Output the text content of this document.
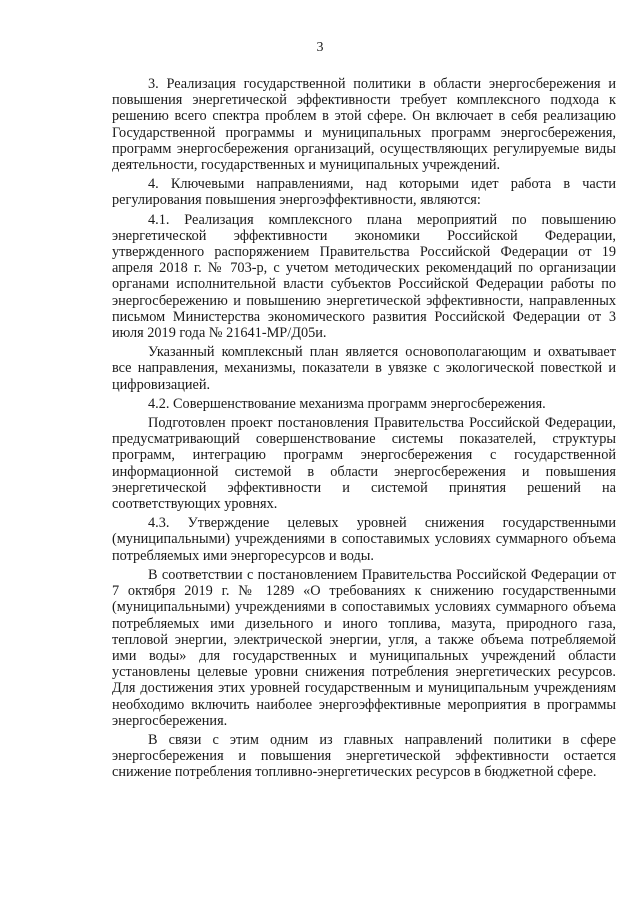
3

3. Реализация государственной политики в области энергосбережения и повышения энергетической эффективности требует комплексного подхода к решению всего спектра проблем в этой сфере. Он включает в себя реализацию Государственной программы и муниципальных программ энергосбережения, программ энергосбережения организаций, осуществляющих регулируемые виды деятельности, государственных и муниципальных учреждений.

4. Ключевыми направлениями, над которыми идет работа в части регулирования повышения энергоэффективности, являются:

4.1. Реализация комплексного плана мероприятий по повышению энергетической эффективности экономики Российской Федерации, утвержденного распоряжением Правительства Российской Федерации от 19 апреля 2018 г. № 703-р, с учетом методических рекомендаций по организации органами исполнительной власти субъектов Российской Федерации работы по энергосбережению и повышению энергетической эффективности, направленных письмом Министерства экономического развития Российской Федерации от 3 июля 2019 года № 21641-МР/Д05и.

Указанный комплексный план является основополагающим и охватывает все направления, механизмы, показатели в увязке с экологической повесткой и цифровизацией.

4.2. Совершенствование механизма программ энергосбережения.

Подготовлен проект постановления Правительства Российской Федерации, предусматривающий совершенствование системы показателей, структуры программ, интеграцию программ энергосбережения с государственной информационной системой в области энергосбережения и повышения энергетической эффективности и системой принятия решений на соответствующих уровнях.

4.3. Утверждение целевых уровней снижения государственными (муниципальными) учреждениями в сопоставимых условиях суммарного объема потребляемых ими энергоресурсов и воды.

В соответствии с постановлением Правительства Российской Федерации от 7 октября 2019 г. № 1289 «О требованиях к снижению государственными (муниципальными) учреждениями в сопоставимых условиях суммарного объема потребляемых ими дизельного и иного топлива, мазута, природного газа, тепловой энергии, электрической энергии, угля, а также объема потребляемой ими воды» для государственных и муниципальных учреждений области установлены целевые уровни снижения потребления энергетических ресурсов. Для достижения этих уровней государственным и муниципальным учреждениям необходимо включить наиболее энергоэффективные мероприятия в программы энергосбережения.

В связи с этим одним из главных направлений политики в сфере энергосбережения и повышения энергетической эффективности остается снижение потребления топливно-энергетических ресурсов в бюджетной сфере.
